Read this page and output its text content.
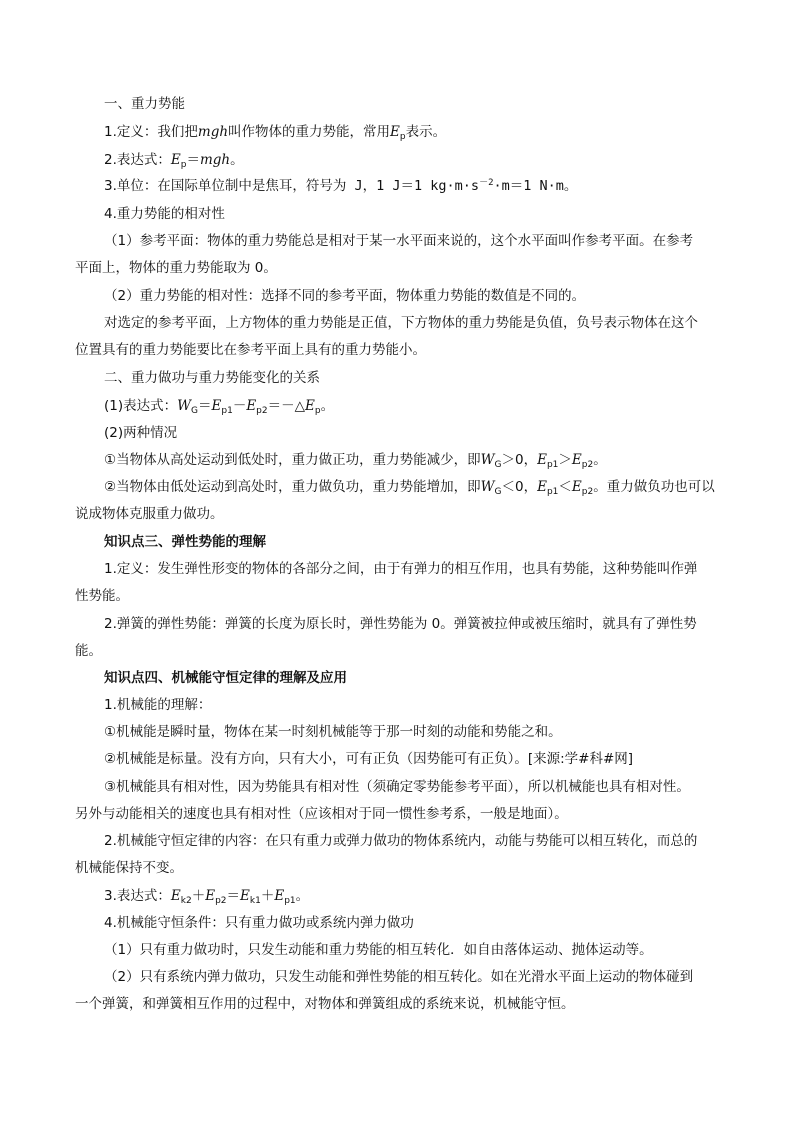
一、重力势能
1.定义：我们把mgh叫作物体的重力势能，常用$E_p$表示。
2.表达式：$E_p=mgh$。
3.单位：在国际单位制中是焦耳，符号为 J，1 J＝1 $kg\cdot m\cdot s^{-2}\cdot m=1$ N·m。
4.重力势能的相对性
（1）参考平面：物体的重力势能总是相对于某一水平面来说的，这个水平面叫作参考平面。在参考
平面上，物体的重力势能取为 0。
（2）重力势能的相对性：选择不同的参考平面，物体重力势能的数值是不同的。
对选定的参考平面，上方物体的重力势能是正值，下方物体的重力势能是负值，负号表示物体在这个
位置具有的重力势能要比在参考平面上具有的重力势能小。
二、重力做功与重力势能变化的关系
(1)表达式：$W_G=E_{p1}-E_{p2}=-\triangle E_p$。
(2)两种情况
①当物体从高处运动到低处时，重力做正功，重力势能减少，即$W_G>0$，$E_{p1}>E_{p2}$。
②当物体由低处运动到高处时，重力做负功，重力势能增加，即$W_G<0$，$E_{p1}<E_{p2}$。重力做负功也可以
说成物体克服重力做功。
知识点三、弹性势能的理解
1.定义：发生弹性形变的物体的各部分之间，由于有弹力的相互作用，也具有势能，这种势能叫作弹
性势能。
2.弹簧的弹性势能：弹簧的长度为原长时，弹性势能为 0。弹簧被拉伸或被压缩时，就具有了弹性势
能。
知识点四、机械能守恒定律的理解及应用
1.机械能的理解：
①机械能是瞬时量，物体在某一时刻机械能等于那一时刻的动能和势能之和。
②机械能是标量。没有方向，只有大小，可有正负（因势能可有正负）。[来源:学#科#网]
③机械能具有相对性，因为势能具有相对性（须确定零势能参考平面），所以机械能也具有相对性。
另外与动能相关的速度也具有相对性（应该相对于同一惯性参考系，一般是地面）。
2.机械能守恒定律的内容：在只有重力或弹力做功的物体系统内，动能与势能可以相互转化，而总的
机械能保持不变。
3.表达式：$E_{k2}+E_{p2}=E_{k1}+E_{p1}$。
4.机械能守恒条件：只有重力做功或系统内弹力做功
（1）只有重力做功时，只发生动能和重力势能的相互转化．如自由落体运动、抛体运动等。
（2）只有系统内弹力做功，只发生动能和弹性势能的相互转化。如在光滑水平面上运动的物体碰到
一个弹簧，和弹簧相互作用的过程中，对物体和弹簧组成的系统来说，机械能守恒。
